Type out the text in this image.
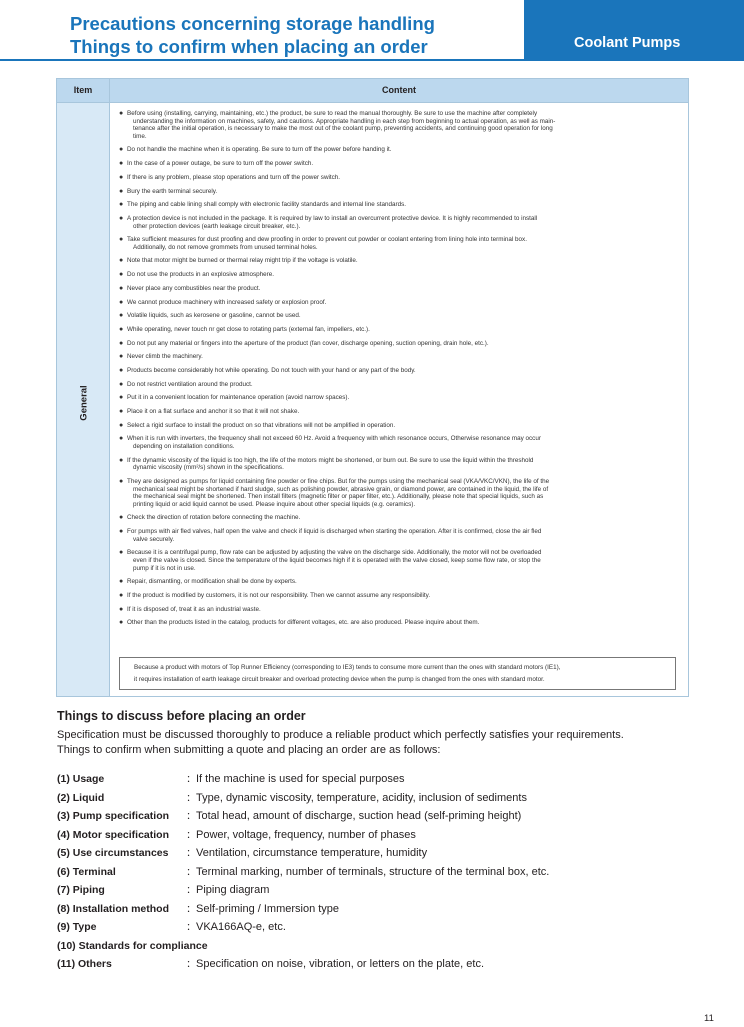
Precautions concerning storage handling
Things to confirm when placing an order	Coolant Pumps
Item	Content
General
● Before using (installing, carrying, maintaining, etc.) the product, be sure to read the manual thoroughly. Be sure to use the machine after completely
understanding the information on machines, safety, and cautions. Appropriate handling in each step from beginning to actual operation, as well as main-
tenance after the initial operation, is necessary to make the most out of the coolant pump, preventing accidents, and continuing good operation for long
time.
● Do not handle the machine when it is operating. Be sure to turn off the power before handing it.
● In the case of a power outage, be sure to turn off the power switch.
● If there is any problem, please stop operations and turn off the power switch.
● Bury the earth terminal securely.
● The piping and cable lining shall comply with electronic facility standards and internal line standards.
● A protection device is not included in the package. It is required by law to install an overcurrent protective device. It is highly recommended to install
other protection devices (earth leakage circuit breaker, etc.).
● Take sufficient measures for dust proofing and dew proofing in order to prevent cut powder or coolant entering from lining hole into terminal box.
Additionally, do not remove grommets from unused terminal holes.
● Note that motor might be burned or thermal relay might trip if the voltage is volatile.
● Do not use the products in an explosive atmosphere.
● Never place any combustibles near the product.
● We cannot produce machinery with increased safety or explosion proof.
● Volatile liquids, such as kerosene or gasoline, cannot be used.
● While operating, never touch nr get close to rotating parts (external fan, impellers, etc.).
● Do not put any material or fingers into the aperture of the product (fan cover, discharge opening, suction opening, drain hole, etc.).
● Never climb the machinery.
● Products become considerably hot while operating. Do not touch with your hand or any part of the body.
● Do not restrict ventilation around the product.
● Put it in a convenient location for maintenance operation (avoid narrow spaces).
● Place it on a flat surface and anchor it so that it will not shake.
● Select a rigid surface to install the product on so that vibrations will not be amplified in operation.
● When it is run with inverters, the frequency shall not exceed 60 Hz. Avoid a frequency with which resonance occurs, Otherwise resonance may occur
depending on installation conditions.
● If the dynamic viscosity of the liquid is too high, the life of the motors might be shortened, or burn out. Be sure to use the liquid within the threshold
dynamic viscosity (mm²/s) shown in the specifications.
● They are designed as pumps for liquid containing fine powder or fine chips. But for the pumps using the mechanical seal (VKA/VKC/VKN), the life of the
mechanical seal might be shortened if hard sludge, such as polishing powder, abrasive grain, or diamond power, are contained in the liquid, the life of
the mechanical seal might be shortened. Then install filters (magnetic filter or paper filter, etc.). Additionally, please note that special liquids, such as
printing liquid or acid liquid cannot be used. Please inquire about other special liquids (e.g. ceramics).
● Check the direction of rotation before connecting the machine.
● For pumps with air fled valves, half open the valve and check if liquid is discharged when starting the operation. After it is confirmed, close the air fled
valve securely.
● Because it is a centrifugal pump, flow rate can be adjusted by adjusting the valve on the discharge side. Additionally, the motor will not be overloaded
even if the valve is closed. Since the temperature of the liquid becomes high if it is operated with the valve closed, keep some flow rate, or stop the
pump if it is not in use.
● Repair, dismantling, or modification shall be done by experts.
● If the product is modified by customers, it is not our responsibility. Then we cannot assume any responsibility.
● If it is disposed of, treat it as an industrial waste.
● Other than the products listed in the catalog, products for different voltages, etc. are also produced. Please inquire about them.
Because a product with motors of Top Runner Efficiency (corresponding to IE3) tends to consume more current than the ones with standard motors (IE1),
it requires installation of earth leakage circuit breaker and overload protecting device when the pump is changed from the ones with standard motor.
Things to discuss before placing an order
Specification must be discussed thoroughly to produce a reliable product which perfectly satisfies your requirements.
Things to confirm when submitting a quote and placing an order are as follows:
(1) Usage	： If the machine is used for special purposes
(2) Liquid	： Type, dynamic viscosity, temperature, acidity, inclusion of sediments
(3) Pump specification ： Total head, amount of discharge, suction head (self-priming height)
(4) Motor specification ： Power, voltage, frequency, number of phases
(5) Use circumstances ： Ventilation, circumstance temperature, humidity
(6) Terminal	： Terminal marking, number of terminals, structure of the terminal box, etc.
(7) Piping	： Piping diagram
(8) Installation method ： Self-priming / Immersion type
(9) Type	： VKA166AQ-e, etc.
(10) Standards for compliance
(11) Others	： Specification on noise, vibration, or letters on the plate, etc.
11
